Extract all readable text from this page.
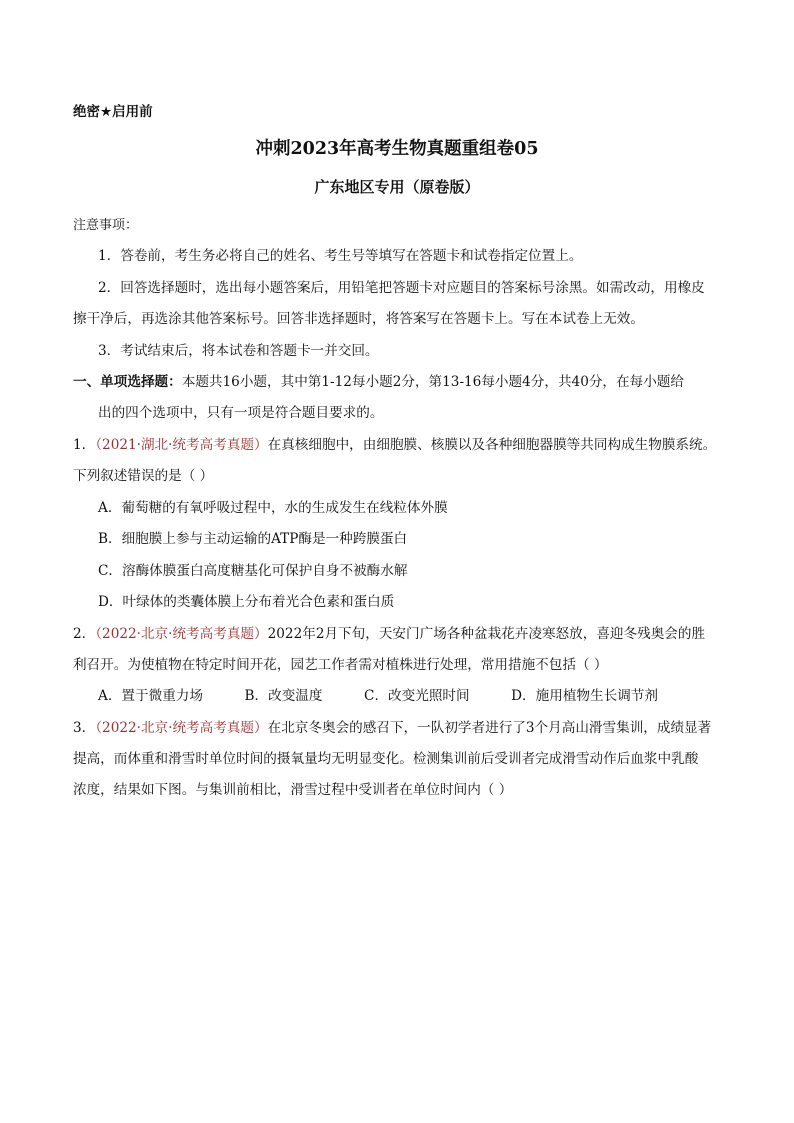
绝密★启用前
冲刺2023年高考生物真题重组卷05
广东地区专用（原卷版）
注意事项：
1．答卷前，考生务必将自己的姓名、考生号等填写在答题卡和试卷指定位置上。
2．回答选择题时，选出每小题答案后，用铅笔把答题卡对应题目的答案标号涂黑。如需改动，用橡皮
擦干净后，再选涂其他答案标号。回答非选择题时，将答案写在答题卡上。写在本试卷上无效。
3．考试结束后，将本试卷和答题卡一并交回。
一、单项选择题：本题共16小题，其中第1-12每小题2分，第13-16每小题4分，共40分，在每小题给
出的四个选项中，只有一项是符合题目要求的。
1．（2021·湖北·统考高考真题）在真核细胞中，由细胞膜、核膜以及各种细胞器膜等共同构成生物膜系统。
下列叙述错误的是（ ）
A．葡萄糖的有氧呼吸过程中，水的生成发生在线粒体外膜
B．细胞膜上参与主动运输的ATP酶是一种跨膜蛋白
C．溶酶体膜蛋白高度糖基化可保护自身不被酶水解
D．叶绿体的类囊体膜上分布着光合色素和蛋白质
2．（2022·北京·统考高考真题）2022年2月下旬，天安门广场各种盆栽花卉凌寒怒放，喜迎冬残奥会的胜
利召开。为使植物在特定时间开花，园艺工作者需对植株进行处理，常用措施不包括（ ）
A．置于微重力场	B．改变温度	C．改变光照时间	D．施用植物生长调节剂
3．（2022·北京·统考高考真题）在北京冬奥会的感召下，一队初学者进行了3个月高山滑雪集训，成绩显著
提高，而体重和滑雪时单位时间的摄氧量均无明显变化。检测集训前后受训者完成滑雪动作后血浆中乳酸
浓度，结果如下图。与集训前相比，滑雪过程中受训者在单位时间内（ ）
